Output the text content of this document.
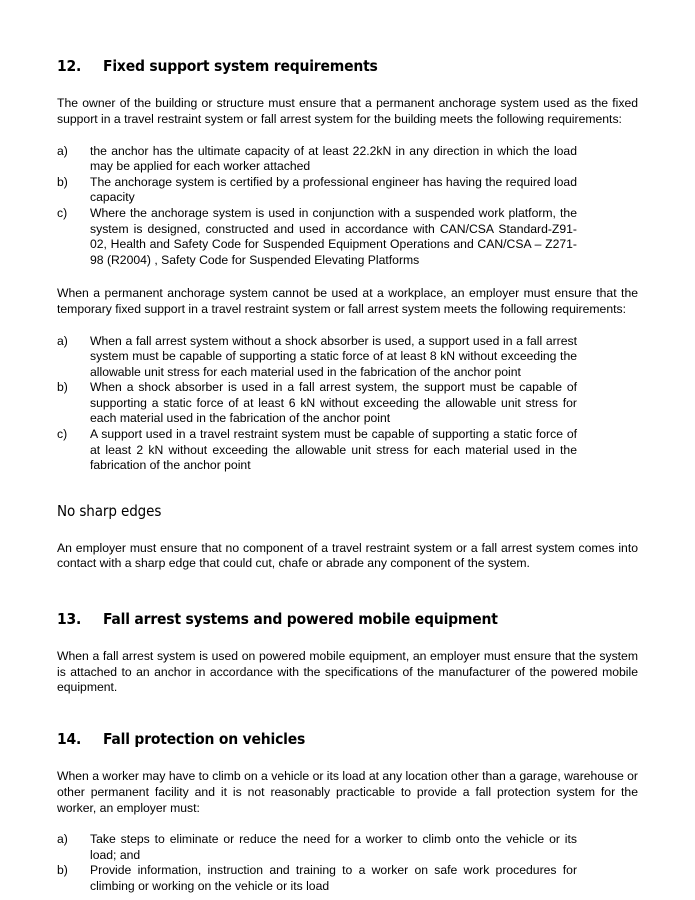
12.	Fixed support system requirements

The owner of the building or structure must ensure that a permanent anchorage system used as the fixed support in a travel restraint system or fall arrest system for the building meets the following requirements:

a)	the anchor has the ultimate capacity of at least 22.2kN in any direction in which the load may be applied for each worker attached
b)	The anchorage system is certified by a professional engineer has having the required load capacity
c)	Where the anchorage system is used in conjunction with a suspended work platform, the system is designed, constructed and used in accordance with CAN/CSA Standard-Z91-02, Health and Safety Code for Suspended Equipment Operations and CAN/CSA – Z271-98 (R2004) , Safety Code for Suspended Elevating Platforms

When a permanent anchorage system cannot be used at a workplace, an employer must ensure that the temporary fixed support in a travel restraint system or fall arrest system meets the following requirements:

a)	When a fall arrest system without a shock absorber is used, a support used in a fall arrest system must be capable of supporting a static force of at least 8 kN without exceeding the allowable unit stress for each material used in the fabrication of the anchor point
b)	When a shock absorber is used in a fall arrest system, the support must be capable of supporting a static force of at least 6 kN without exceeding the allowable unit stress for each material used in the fabrication of the anchor point
c)	A support used in a travel restraint system must be capable of supporting a static force of at least 2 kN without exceeding the allowable unit stress for each material used in the fabrication of the anchor point
No sharp edges

An employer must ensure that no component of a travel restraint system or a fall arrest system comes into contact with a sharp edge that could cut, chafe or abrade any component of the system.

13.	Fall arrest systems and powered mobile equipment

When a fall arrest system is used on powered mobile equipment, an employer must ensure that the system is attached to an anchor in accordance with the specifications of the manufacturer of the powered mobile equipment.

14.	Fall protection on vehicles

When a worker may have to climb on a vehicle or its load at any location other than a garage, warehouse or other permanent facility and it is not reasonably practicable to provide a fall protection system for the worker, an employer must:

a)	Take steps to eliminate or reduce the need for a worker to climb onto the vehicle or its load; and
b)	Provide information, instruction and training to a worker on safe work procedures for climbing or working on the vehicle or its load
